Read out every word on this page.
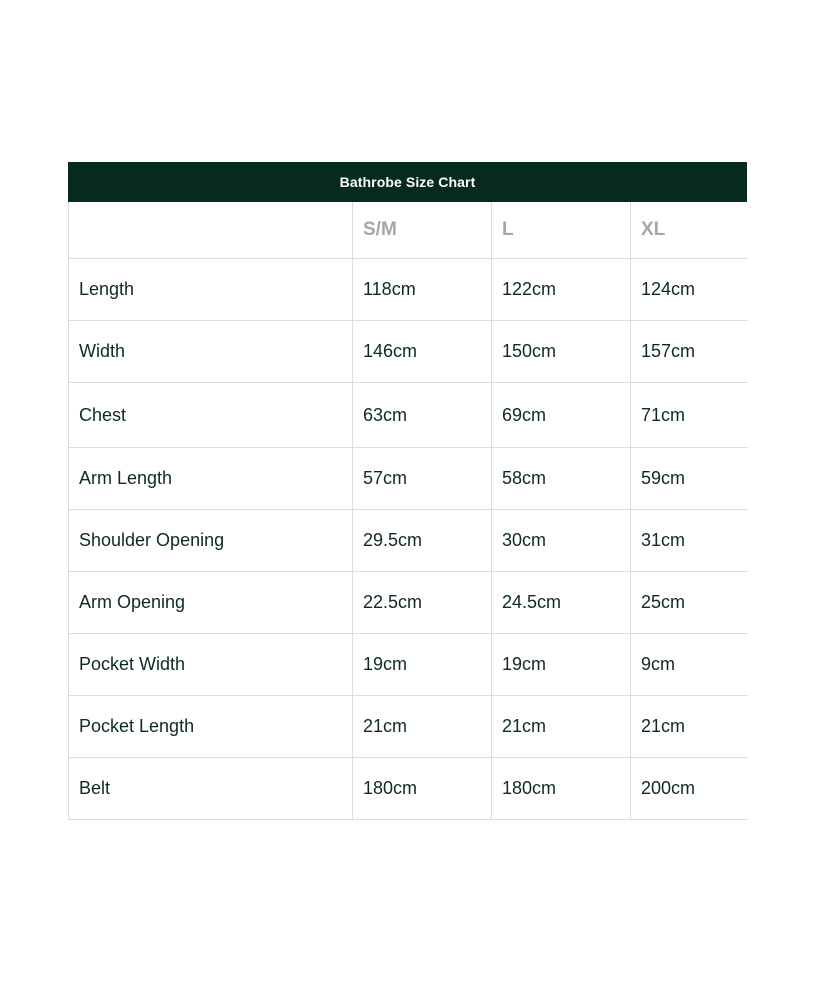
Bathrobe Size Chart
	S/M	L	XL
Length	118cm	122cm	124cm
Width	146cm	150cm	157cm
Chest	63cm	69cm	71cm
Arm Length	57cm	58cm	59cm
Shoulder Opening	29.5cm	30cm	31cm
Arm Opening	22.5cm	24.5cm	25cm
Pocket Width	19cm	19cm	9cm
Pocket Length	21cm	21cm	21cm
Belt	180cm	180cm	200cm
